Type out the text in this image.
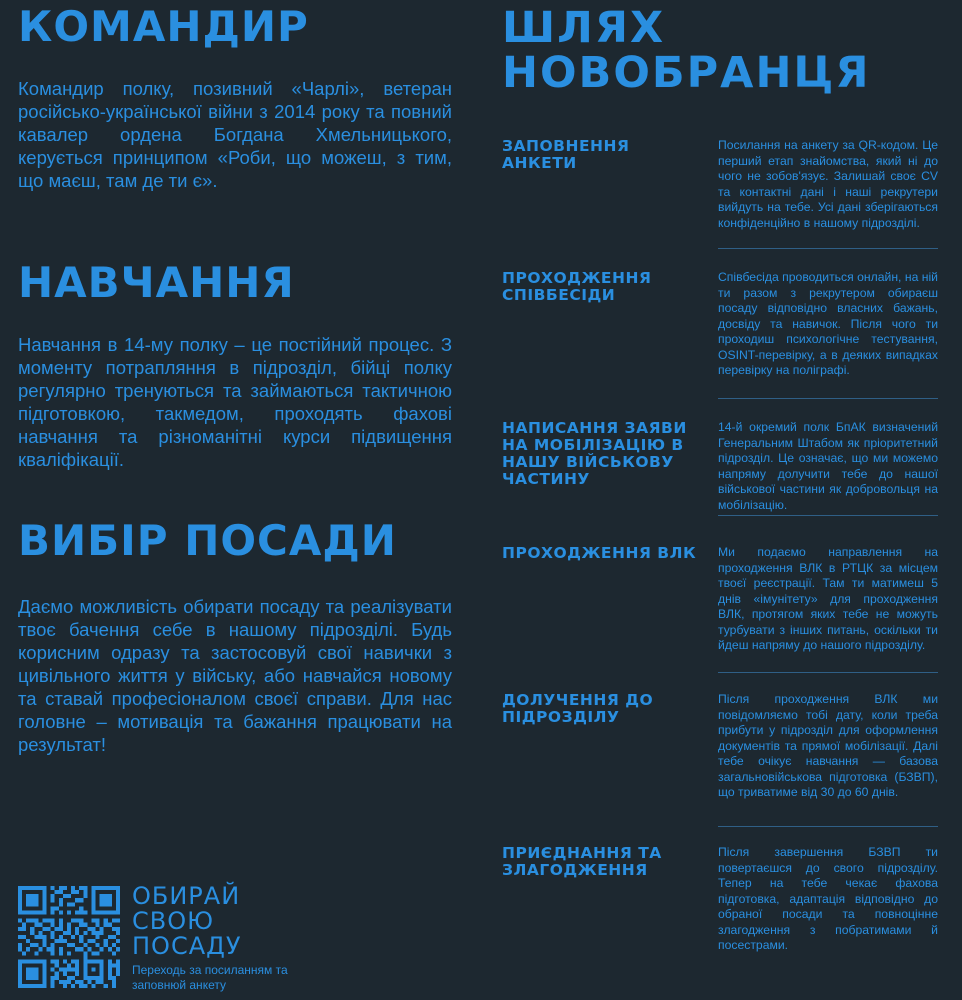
КОМАНДИР

Командир полку, позивний «Чарлі», ветеран російсько-української війни з 2014 року та повний кавалер ордена Богдана Хмельницького, керується принципом «Роби, що можеш, з тим, що маєш, там де ти є».

НАВЧАННЯ

Навчання в 14-му полку – це постійний процес. З моменту потрапляння в підрозділ, бійці полку регулярно тренуються та займаються тактичною підготовкою, такмедом, проходять фахові навчання та різноманітні курси підвищення кваліфікації.

ВИБІР ПОСАДИ

Даємо можливість обирати посаду та реалізувати твоє бачення себе в нашому підрозділі. Будь корисним одразу та застосовуй свої навички з цивільного життя у війську, або навчайся новому та ставай професіоналом своєї справи. Для нас головне – мотивація та бажання працювати на результат!

ШЛЯХ
НОВОБРАНЦЯ
ЗАПОВНЕННЯ АНКЕТИ
Посилання на анкету за QR-кодом. Це перший етап знайомства, який ні до чого не зобов'язує. Залишай своє CV та контактні дані і наші рекрутери вийдуть на тебе. Усі дані зберігаються конфіденційно в нашому підрозділі.
ПРОХОДЖЕННЯ СПІВБЕСІДИ
Співбесіда проводиться онлайн, на ній ти разом з рекрутером обираєш посаду відповідно власних бажань, досвіду та навичок. Після чого ти проходиш психологічне тестування, OSINT-перевірку, а в деяких випадках перевірку на поліграфі.
НАПИСАННЯ ЗАЯВИ НА МОБІЛІЗАЦІЮ В НАШУ ВІЙСЬКОВУ ЧАСТИНУ
14-й окремий полк БпАК визначений Генеральним Штабом як пріоритетний підрозділ. Це означає, що ми можемо напряму долучити тебе до нашої військової частини як добровольця на мобілізацію.
ПРОХОДЖЕННЯ ВЛК	Ми подаємо направлення на проходження ВЛК в РТЦК за місцем твоєї реєстрації. Там ти матимеш 5 днів «імунітету» для проходження ВЛК, протягом яких тебе не можуть турбувати з інших питань, оскільки ти йдеш напряму до нашого підрозділу.
ДОЛУЧЕННЯ ДО ПІДРОЗДІЛУ
Після проходження ВЛК ми повідомляємо тобі дату, коли треба прибути у підрозділ для оформлення документів та прямої мобілізації. Далі тебе очікує навчання — базова загальновійськова підготовка (БЗВП), що триватиме від 30 до 60 днів.
ПРИЄДНАННЯ ТА ЗЛАГОДЖЕННЯ
Після завершення БЗВП ти повертаєшся до свого підрозділу. Тепер на тебе чекає фахова підготовка, адаптація відповідно до обраної посади та повноцінне злагодження з побратимами й посестрами.
ОБИРАЙ
СВОЮ
ПОСАДУ
Переходь за посиланням та заповнюй анкету
